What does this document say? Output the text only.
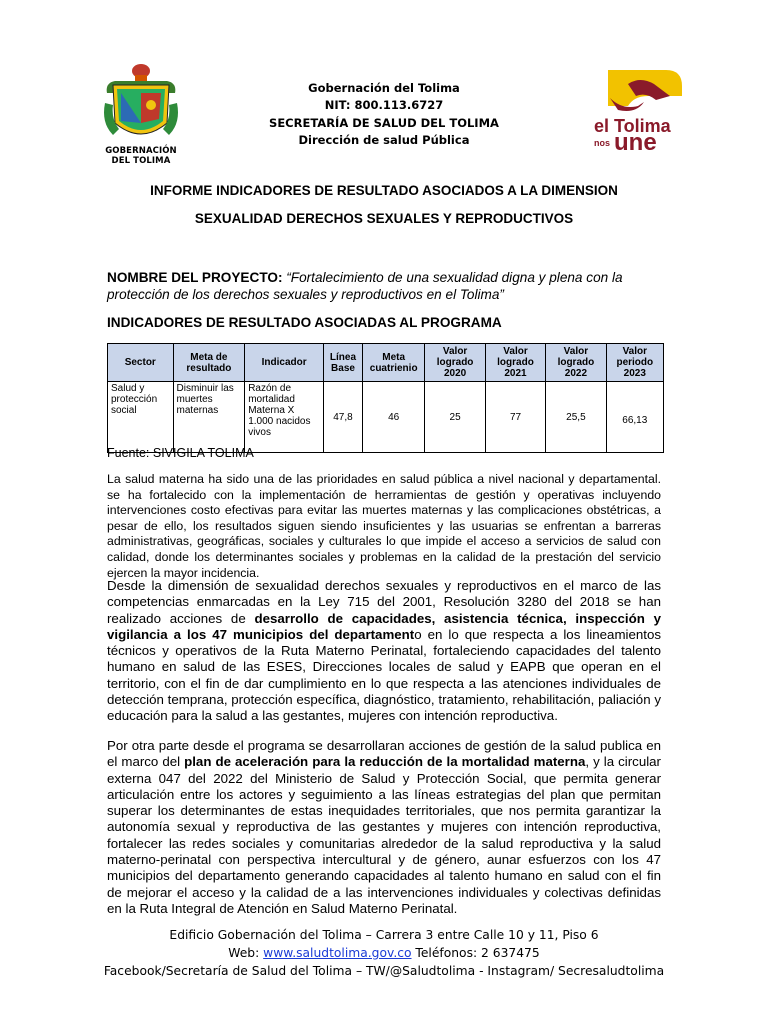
GOBERNACIÓN
DEL TOLIMA
Gobernación del Tolima
NIT: 800.113.6727
SECRETARÍA DE SALUD DEL TOLIMA
Dirección de salud Pública
el Tolima
nos une
INFORME INDICADORES DE RESULTADO ASOCIADOS A LA DIMENSION
SEXUALIDAD DERECHOS SEXUALES Y REPRODUCTIVOS
NOMBRE DEL PROYECTO: “Fortalecimiento de una sexualidad digna y plena con la protección de los derechos sexuales y reproductivos en el Tolima”
INDICADORES DE RESULTADO ASOCIADAS AL PROGRAMA
Sector	Meta de resultado	Indicador	Línea Base	Meta cuatrienio	Valor logrado 2020	Valor logrado 2021	Valor logrado 2022	Valor periodo 2023
Salud y protección social	Disminuir las muertes maternas	Razón de mortalidad Materna X 1.000 nacidos vivos	47,8	46	25	77	25,5	66,13
Fuente: SIVIGILA TOLIMA
La salud materna ha sido una de las prioridades en salud pública a nivel nacional y departamental. se ha fortalecido con la implementación de herramientas de gestión y operativas incluyendo intervenciones costo efectivas para evitar las muertes maternas y las complicaciones obstétricas, a pesar de ello, los resultados siguen siendo insuficientes y las usuarias se enfrentan a barreras administrativas, geográficas, sociales y culturales lo que impide el acceso a servicios de salud con calidad, donde los determinantes sociales y problemas en la calidad de la prestación del servicio ejercen la mayor incidencia.
Desde la dimensión de sexualidad derechos sexuales y reproductivos en el marco de las competencias enmarcadas en la Ley 715 del 2001, Resolución 3280 del 2018 se han realizado acciones de desarrollo de capacidades, asistencia técnica, inspección y vigilancia a los 47 municipios del departamento en lo que respecta a los lineamientos técnicos y operativos de la Ruta Materno Perinatal, fortaleciendo capacidades del talento humano en salud de las ESES, Direcciones locales de salud y EAPB que operan en el territorio, con el fin de dar cumplimiento en lo que respecta a las atenciones individuales de detección temprana, protección específica, diagnóstico, tratamiento, rehabilitación, paliación y educación para la salud a las gestantes, mujeres con intención reproductiva.
Por otra parte desde el programa se desarrollaran acciones de gestión de la salud publica en el marco del plan de aceleración para la reducción de la mortalidad materna, y la circular externa 047 del 2022 del Ministerio de Salud y Protección Social, que permita generar articulación entre los actores y seguimiento a las líneas estrategias del plan que permitan superar los determinantes de estas inequidades territoriales, que nos permita garantizar la autonomía sexual y reproductiva de las gestantes y mujeres con intención reproductiva, fortalecer las redes sociales y comunitarias alrededor de la salud reproductiva y la salud materno-perinatal con perspectiva intercultural y de género, aunar esfuerzos con los 47 municipios del departamento generando capacidades al talento humano en salud con el fin de mejorar el acceso y la calidad de a las intervenciones individuales y colectivas definidas en la Ruta Integral de Atención en Salud Materno Perinatal.
Edificio Gobernación del Tolima – Carrera 3 entre Calle 10 y 11, Piso 6
Web: www.saludtolima.gov.co Teléfonos: 2 637475
Facebook/Secretaría de Salud del Tolima – TW/@Saludtolima - Instagram/ Secresaludtolima
